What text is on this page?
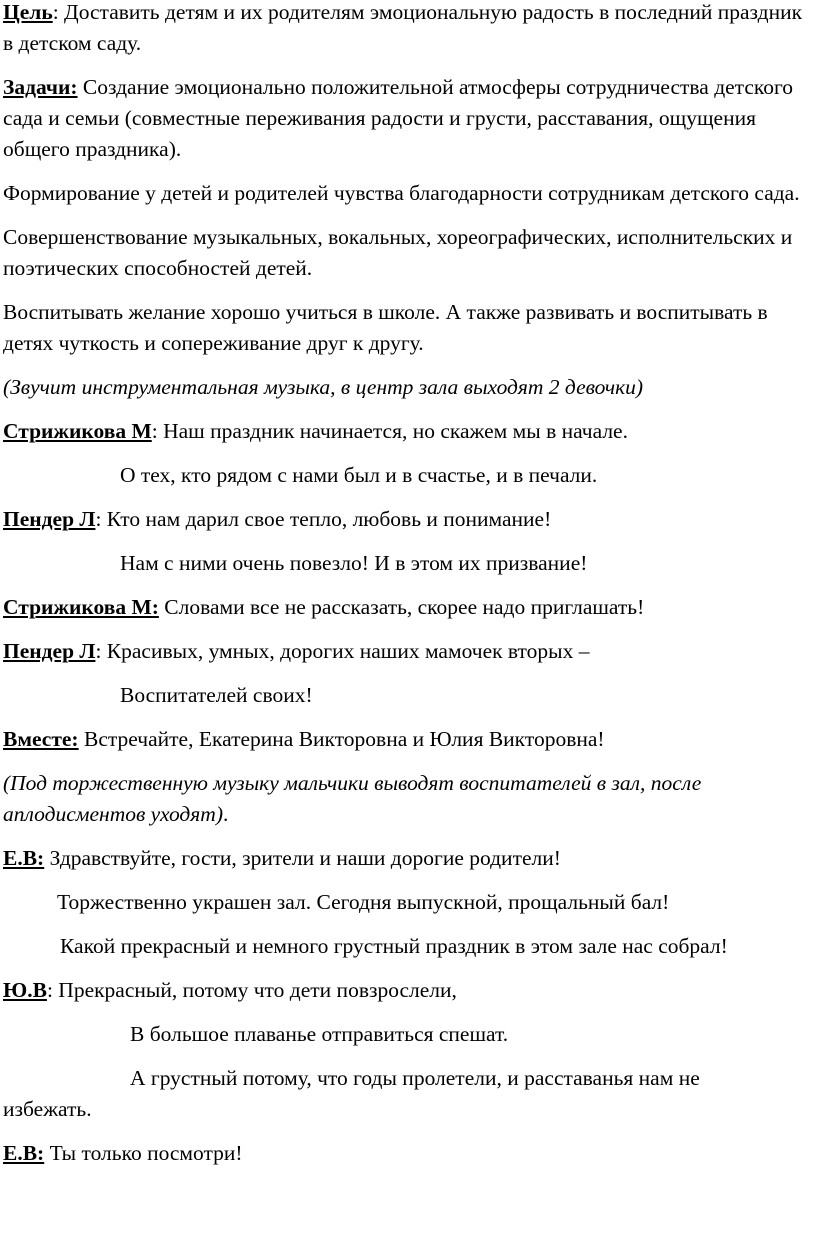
Цель: Доставить детям и их родителям эмоциональную радость в последний праздник в детском саду.
Задачи: Создание эмоционально положительной атмосферы сотрудничества детского сада и семьи (совместные переживания радости и грусти, расставания, ощущения общего праздника).
Формирование у детей и родителей чувства благодарности сотрудникам детского сада.
Совершенствование музыкальных, вокальных, хореографических, исполнительских и поэтических способностей детей.
Воспитывать желание хорошо учиться в школе. А также развивать и воспитывать в детях чуткость и сопереживание друг к другу.
(Звучит инструментальная музыка, в центр зала выходят 2 девочки)
Стрижикова М: Наш праздник начинается, но скажем мы в начале.
О тех, кто рядом с нами был и в счастье, и в печали.
Пендер Л: Кто нам дарил свое тепло, любовь и понимание!
Нам с ними очень повезло! И в этом их призвание!
Стрижикова М: Словами все не рассказать, скорее надо приглашать!
Пендер Л: Красивых, умных, дорогих наших мамочек вторых –
Воспитателей своих!
Вместе: Встречайте, Екатерина Викторовна и Юлия Викторовна!
(Под торжественную музыку мальчики выводят воспитателей в зал, после аплодисментов уходят).
Е.В: Здравствуйте, гости, зрители и наши дорогие родители!
Торжественно украшен зал. Сегодня выпускной, прощальный бал!
Какой прекрасный и немного грустный праздник в этом зале нас собрал!
Ю.В: Прекрасный, потому что дети повзрослели,
В большое плаванье отправиться спешат.
А грустный потому, что годы пролетели, и расставанья нам не
избежать.
Е.В: Ты только посмотри!
